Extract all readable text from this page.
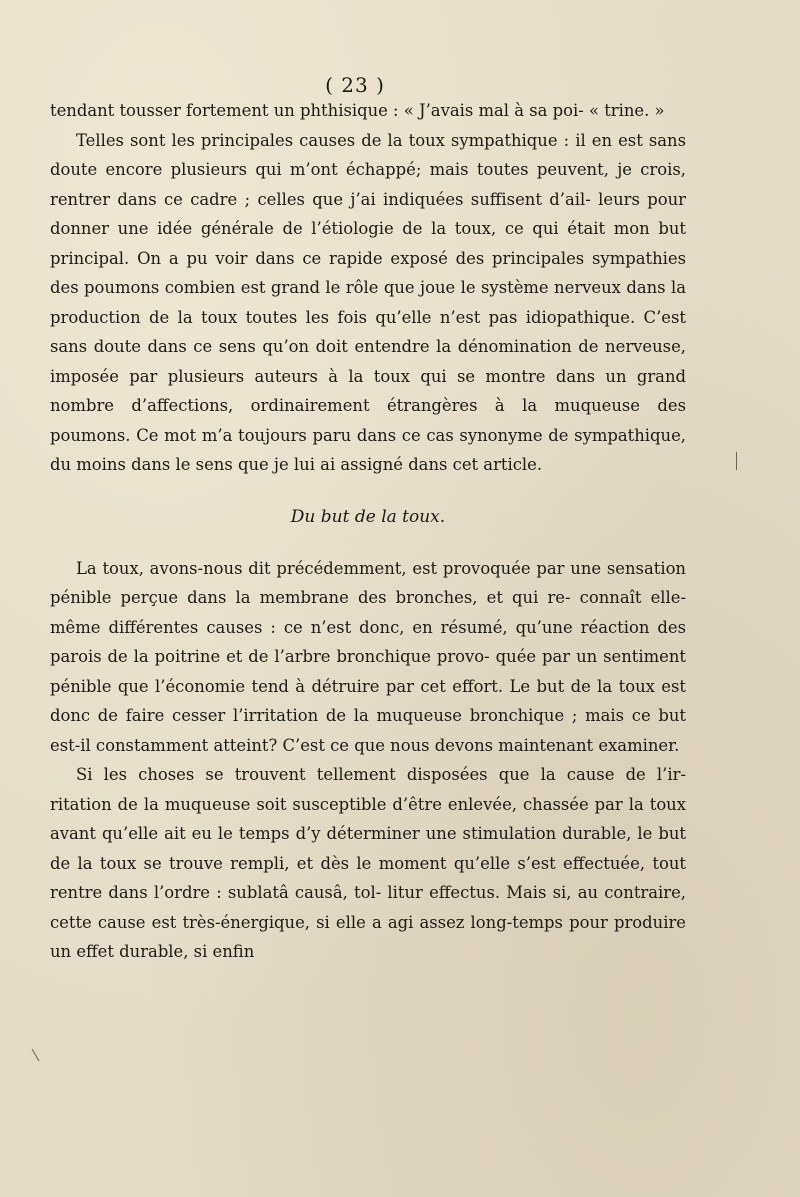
( 23 )

tendant tousser fortement un phthisique : « J’avais mal à sa poi- « trine. »

Telles sont les principales causes de la toux sympathique : il en est sans doute encore plusieurs qui m’ont échappé; mais toutes peuvent, je crois, rentrer dans ce cadre ; celles que j’ai indiquées suffisent d’ail- leurs pour donner une idée générale de l’étiologie de la toux, ce qui était mon but principal. On a pu voir dans ce rapide exposé des principales sympathies des poumons combien est grand le rôle que joue le système nerveux dans la production de la toux toutes les fois qu’elle n’est pas idiopathique. C’est sans doute dans ce sens qu’on doit entendre la dénomination de nerveuse, imposée par plusieurs auteurs à la toux qui se montre dans un grand nombre d’affections, ordinairement étrangères à la muqueuse des poumons. Ce mot m’a toujours paru dans ce cas synonyme de sympathique, du moins dans le sens que je lui ai assigné dans cet article.

Du but de la toux.

La toux, avons-nous dit précédemment, est provoquée par une sensation pénible perçue dans la membrane des bronches, et qui re- connaît elle-même différentes causes : ce n’est donc, en résumé, qu’une réaction des parois de la poitrine et de l’arbre bronchique provo- quée par un sentiment pénible que l’économie tend à détruire par cet effort. Le but de la toux est donc de faire cesser l’irritation de la muqueuse bronchique ; mais ce but est-il constamment atteint? C’est ce que nous devons maintenant examiner.

Si les choses se trouvent tellement disposées que la cause de l’ir- ritation de la muqueuse soit susceptible d’être enlevée, chassée par la toux avant qu’elle ait eu le temps d’y déterminer une stimulation durable, le but de la toux se trouve rempli, et dès le moment qu’elle s’est effectuée, tout rentre dans l’ordre : sublatâ causâ, tol- litur effectus. Mais si, au contraire, cette cause est très-énergique, si elle a agi assez long-temps pour produire un effet durable, si enfin
